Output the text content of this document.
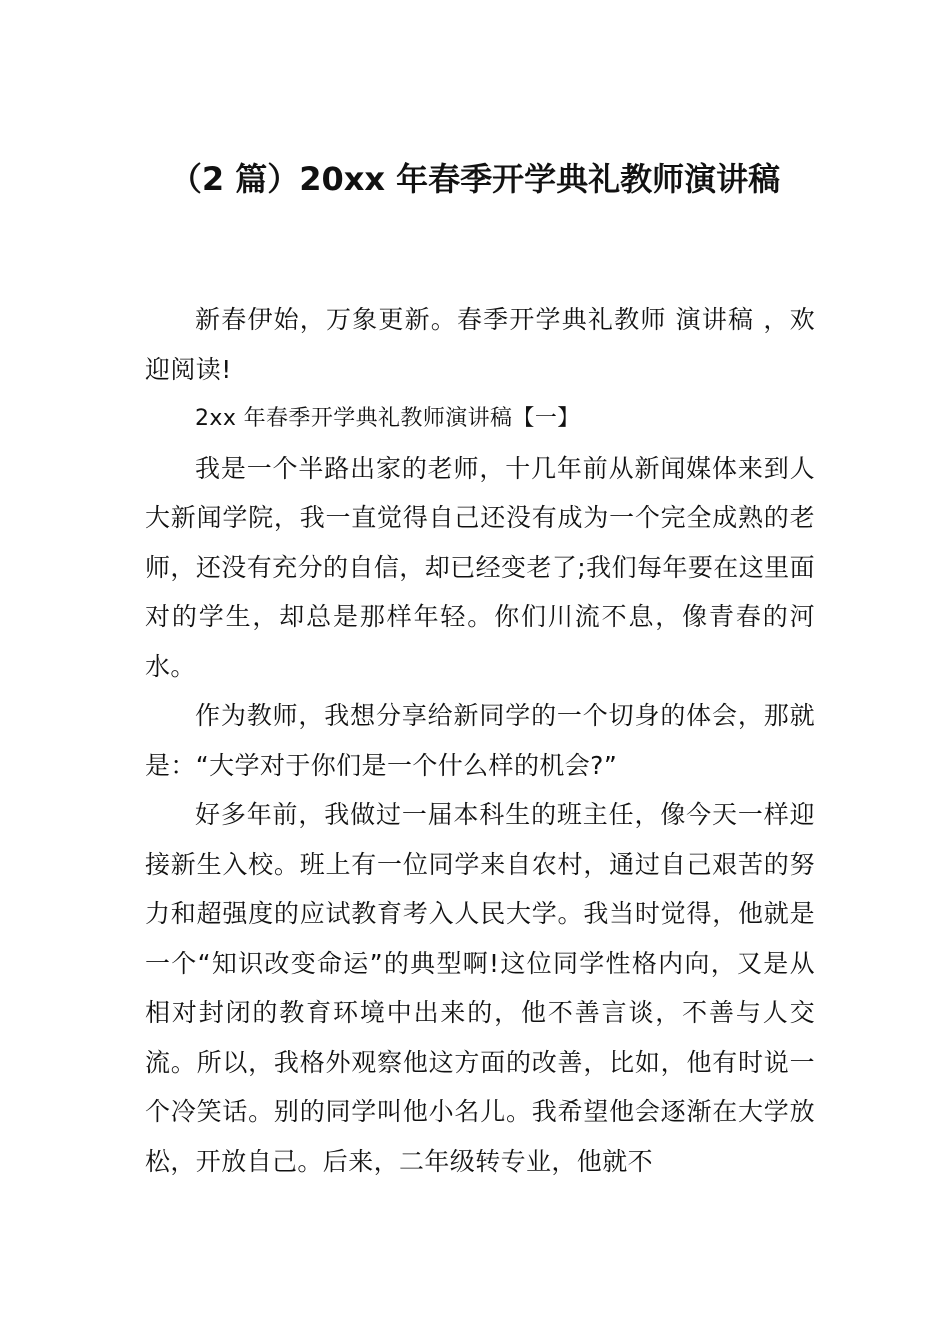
（2 篇）20xx 年春季开学典礼教师演讲稿

新春伊始，万象更新。春季开学典礼教师 演讲稿 ，欢迎阅读!

2xx 年春季开学典礼教师演讲稿【一】

我是一个半路出家的老师，十几年前从新闻媒体来到人大新闻学院，我一直觉得自己还没有成为一个完全成熟的老师，还没有充分的自信，却已经变老了;我们每年要在这里面对的学生，却总是那样年轻。你们川流不息，像青春的河水。

作为教师，我想分享给新同学的一个切身的体会，那就是：“大学对于你们是一个什么样的机会?”

好多年前，我做过一届本科生的班主任，像今天一样迎接新生入校。班上有一位同学来自农村，通过自己艰苦的努力和超强度的应试教育考入人民大学。我当时觉得，他就是一个“知识改变命运”的典型啊!这位同学性格内向，又是从相对封闭的教育环境中出来的，他不善言谈，不善与人交流。所以，我格外观察他这方面的改善，比如，他有时说一个冷笑话。别的同学叫他小名儿。我希望他会逐渐在大学放松，开放自己。后来，二年级转专业，他就不
